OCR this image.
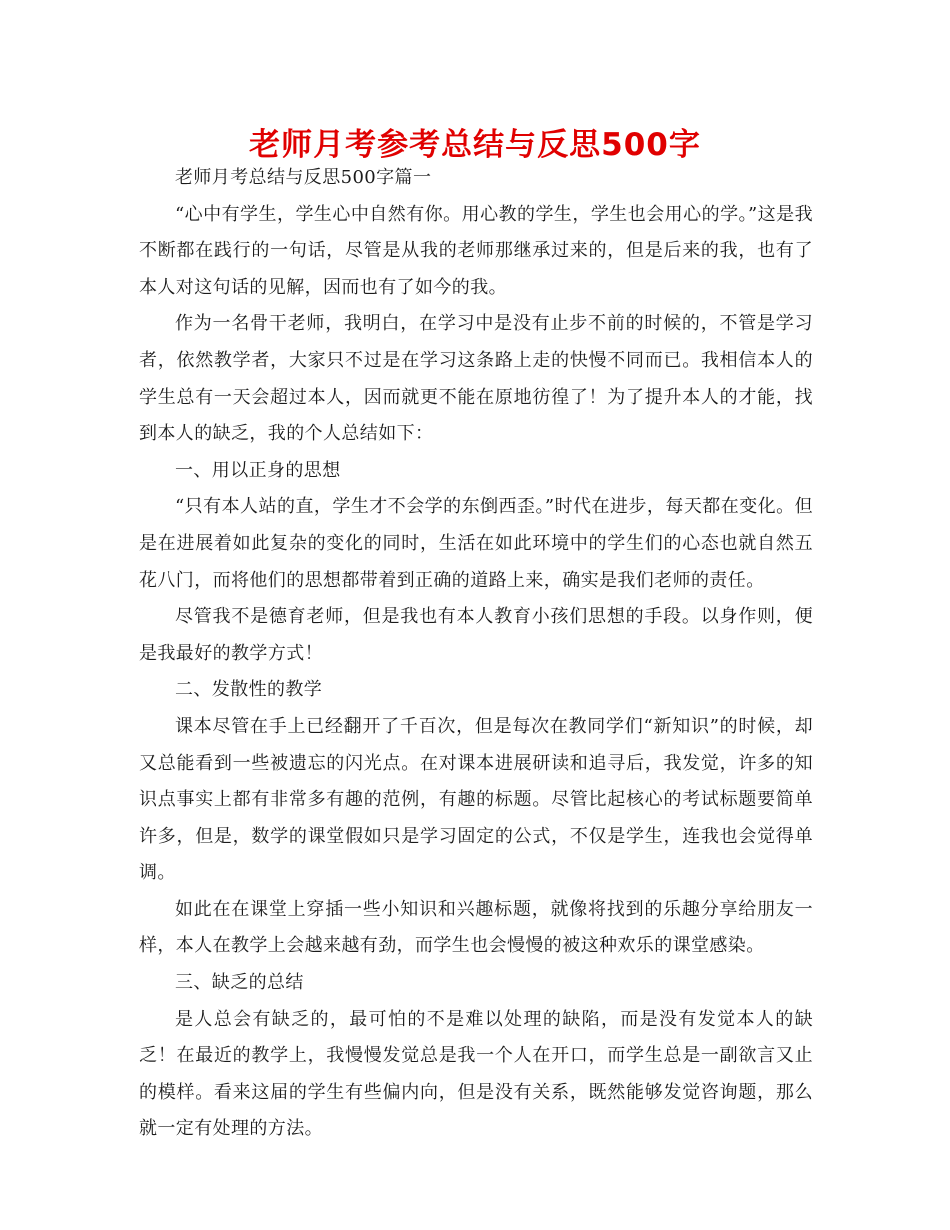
老师月考参考总结与反思500字

老师月考总结与反思500字篇一

“心中有学生，学生心中自然有你。用心教的学生，学生也会用心的学。”这是我不断都在践行的一句话，尽管是从我的老师那继承过来的，但是后来的我，也有了本人对这句话的见解，因而也有了如今的我。

作为一名骨干老师，我明白，在学习中是没有止步不前的时候的，不管是学习者，依然教学者，大家只不过是在学习这条路上走的快慢不同而已。我相信本人的学生总有一天会超过本人，因而就更不能在原地彷徨了！为了提升本人的才能，找到本人的缺乏，我的个人总结如下：

一、用以正身的思想

“只有本人站的直，学生才不会学的东倒西歪。”时代在进步，每天都在变化。但是在进展着如此复杂的变化的同时，生活在如此环境中的学生们的心态也就自然五花八门，而将他们的思想都带着到正确的道路上来，确实是我们老师的责任。

尽管我不是德育老师，但是我也有本人教育小孩们思想的手段。以身作则，便是我最好的教学方式！

二、发散性的教学

课本尽管在手上已经翻开了千百次，但是每次在教同学们“新知识”的时候，却又总能看到一些被遗忘的闪光点。在对课本进展研读和追寻后，我发觉，许多的知识点事实上都有非常多有趣的范例，有趣的标题。尽管比起核心的考试标题要简单许多，但是，数学的课堂假如只是学习固定的公式，不仅是学生，连我也会觉得单调。

如此在在课堂上穿插一些小知识和兴趣标题，就像将找到的乐趣分享给朋友一样，本人在教学上会越来越有劲，而学生也会慢慢的被这种欢乐的课堂感染。

三、缺乏的总结

是人总会有缺乏的，最可怕的不是难以处理的缺陷，而是没有发觉本人的缺乏！在最近的教学上，我慢慢发觉总是我一个人在开口，而学生总是一副欲言又止的模样。看来这届的学生有些偏内向，但是没有关系，既然能够发觉咨询题，那么就一定有处理的方法。
